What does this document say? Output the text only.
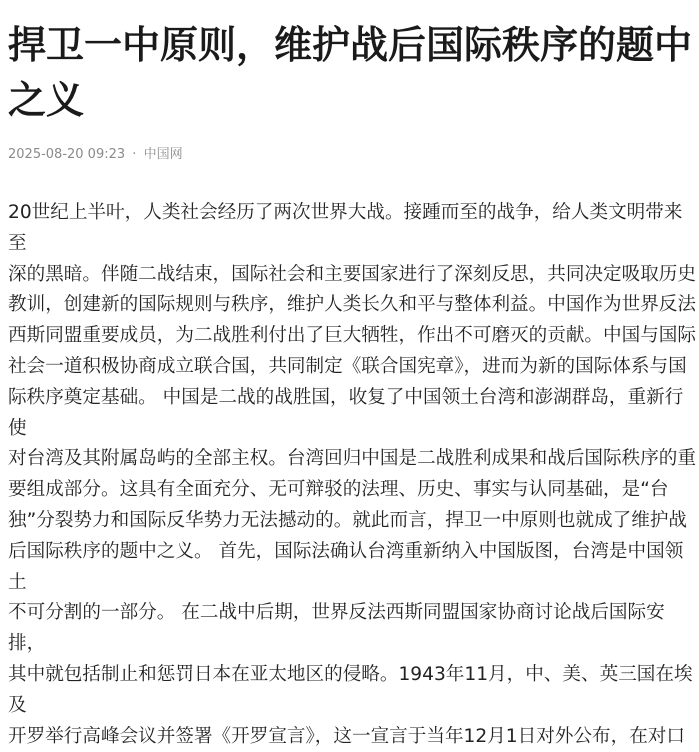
捍卫一中原则，维护战后国际秩序的题中
之义
2025-08-20 09:23 · 中国网

20世纪上半叶，人类社会经历了两次世界大战。接踵而至的战争，给人类文明带来至
深的黑暗。伴随二战结束，国际社会和主要国家进行了深刻反思，共同决定吸取历史
教训，创建新的国际规则与秩序，维护人类长久和平与整体利益。中国作为世界反法
西斯同盟重要成员，为二战胜利付出了巨大牺牲，作出不可磨灭的贡献。中国与国际
社会一道积极协商成立联合国，共同制定《联合国宪章》，进而为新的国际体系与国
际秩序奠定基础。 中国是二战的战胜国，收复了中国领土台湾和澎湖群岛，重新行使
对台湾及其附属岛屿的全部主权。台湾回归中国是二战胜利成果和战后国际秩序的重
要组成部分。这具有全面充分、无可辩驳的法理、历史、事实与认同基础，是“台
独”分裂势力和国际反华势力无法撼动的。就此而言，捍卫一中原则也就成了维护战
后国际秩序的题中之义。 首先，国际法确认台湾重新纳入中国版图，台湾是中国领土
不可分割的一部分。 在二战中后期，世界反法西斯同盟国家协商讨论战后国际安排，
其中就包括制止和惩罚日本在亚太地区的侵略。1943年11月，中、美、英三国在埃及
开罗举行高峰会议并签署《开罗宣言》，这一宣言于当年12月1日对外公布，在对口
